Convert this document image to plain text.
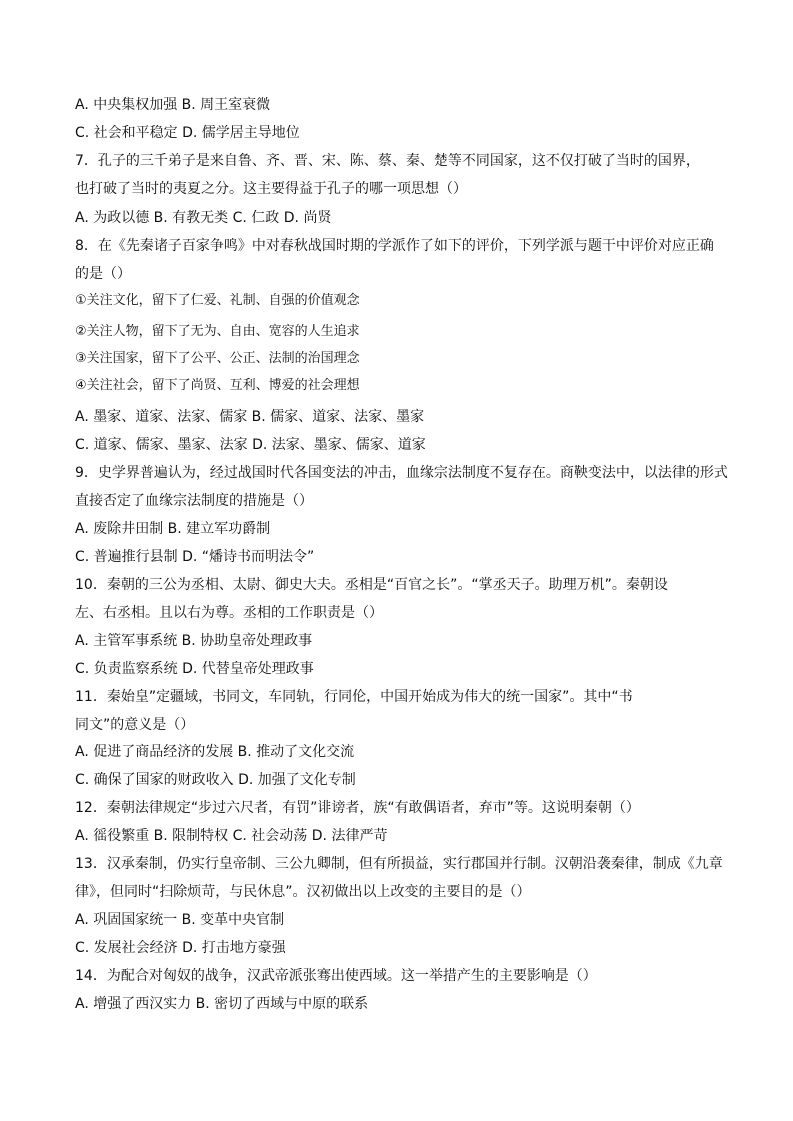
A. 中央集权加强 B. 周王室衰微
C. 社会和平稳定 D. 儒学居主导地位
7．孔子的三千弟子是来自鲁、齐、晋、宋、陈、蔡、秦、楚等不同国家，这不仅打破了当时的国界，
也打破了当时的夷夏之分。这主要得益于孔子的哪一项思想（）
A. 为政以德 B. 有教无类 C. 仁政 D. 尚贤
8．在《先秦诸子百家争鸣》中对春秋战国时期的学派作了如下的评价，下列学派与题干中评价对应正确
的是（）
①关注文化，留下了仁爱、礼制、自强的价值观念
②关注人物，留下了无为、自由、宽容的人生追求
③关注国家，留下了公平、公正、法制的治国理念
④关注社会，留下了尚贤、互利、博爱的社会理想
A. 墨家、道家、法家、儒家 B. 儒家、道家、法家、墨家
C. 道家、儒家、墨家、法家 D. 法家、墨家、儒家、道家
9．史学界普遍认为，经过战国时代各国变法的冲击，血缘宗法制度不复存在。商鞅变法中，以法律的形式
直接否定了血缘宗法制度的措施是（）
A. 废除井田制 B. 建立军功爵制
C. 普遍推行县制 D. “燔诗书而明法令”
10．秦朝的三公为丞相、太尉、御史大夫。丞相是“百官之长”。“掌丞天子。助理万机”。秦朝设
左、右丞相。且以右为尊。丞相的工作职责是（）
A. 主管军事系统 B. 协助皇帝处理政事
C. 负责监察系统 D. 代替皇帝处理政事
11．秦始皇”定疆域，书同文，车同轨，行同伦，中国开始成为伟大的统一国家”。其中“书
同文”的意义是（）
A. 促进了商品经济的发展 B. 推动了文化交流
C. 确保了国家的财政收入 D. 加强了文化专制
12．秦朝法律规定“步过六尺者，有罚”诽谤者，族“有敢偶语者，弃市”等。这说明秦朝（）
A. 徭役繁重 B. 限制特权 C. 社会动荡 D. 法律严苛
13．汉承秦制，仍实行皇帝制、三公九卿制，但有所损益，实行郡国并行制。汉朝沿袭秦律，制成《九章
律》，但同时“扫除烦苛，与民休息”。汉初做出以上改变的主要目的是（）
A. 巩固国家统一 B. 变革中央官制
C. 发展社会经济 D. 打击地方豪强
14．为配合对匈奴的战争，汉武帝派张骞出使西域。这一举措产生的主要影响是（）
A. 增强了西汉实力 B. 密切了西域与中原的联系
